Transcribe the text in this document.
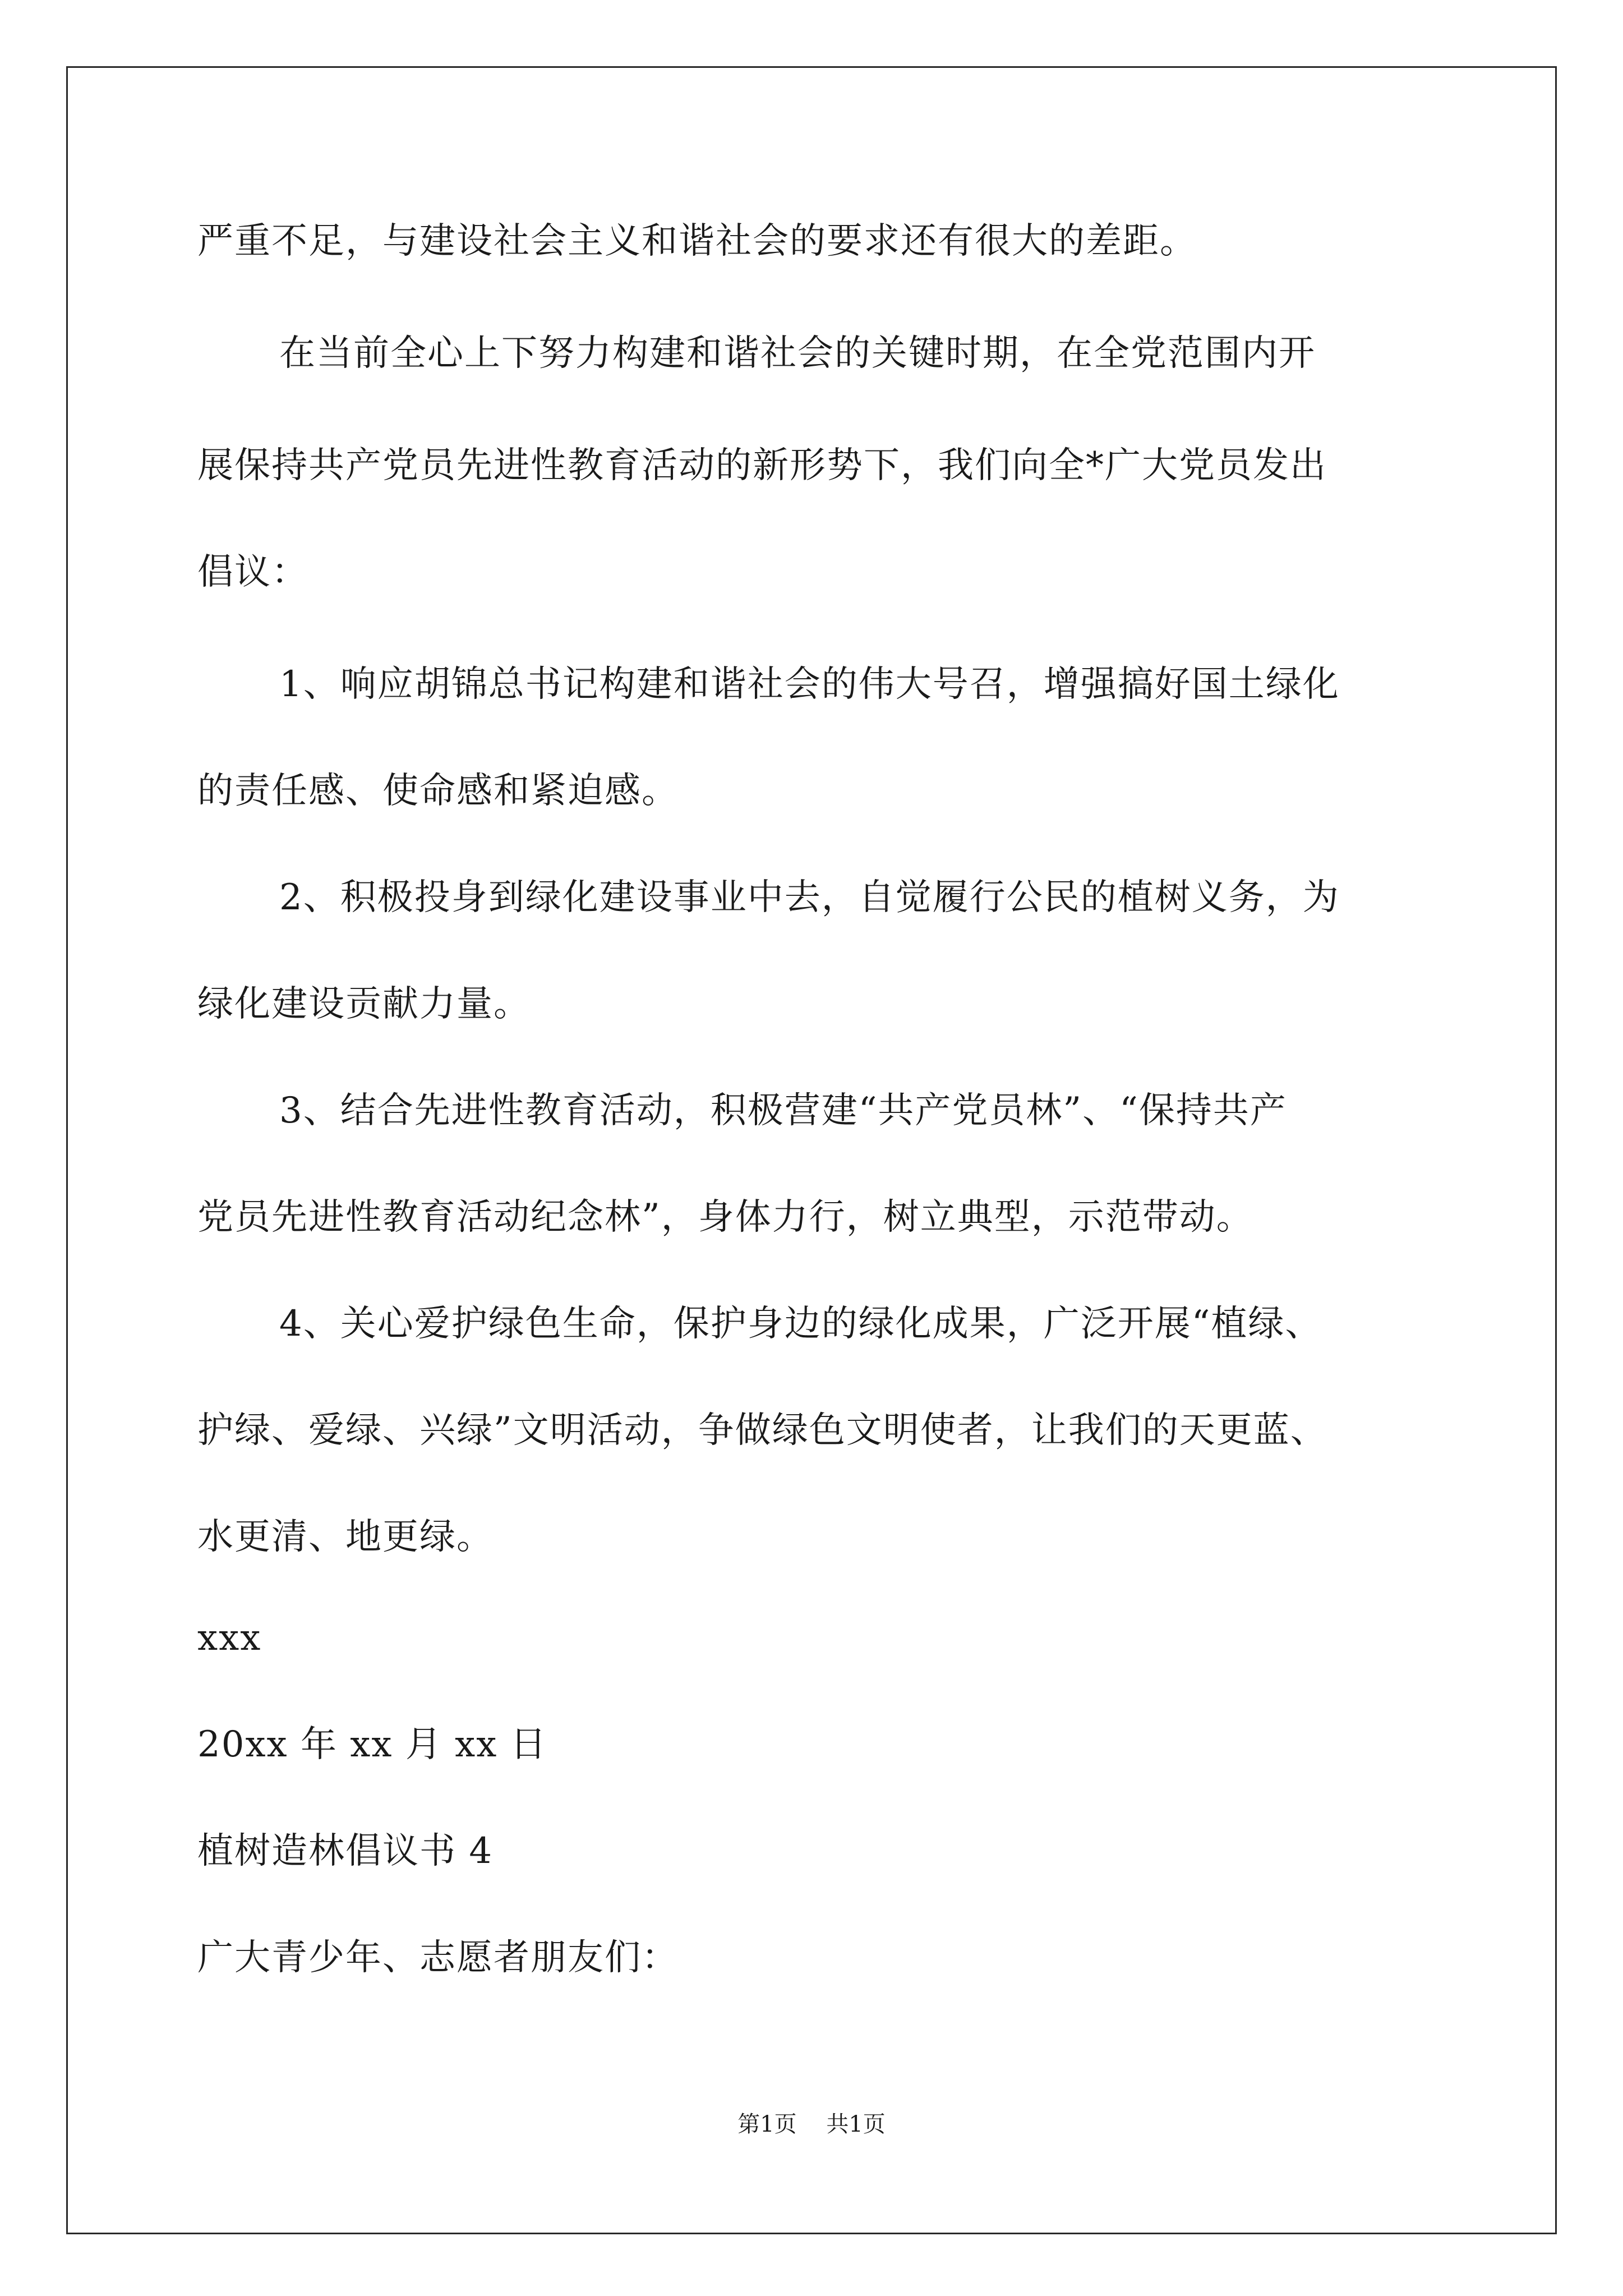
严重不足，与建设社会主义和谐社会的要求还有很大的差距。
在当前全心上下努力构建和谐社会的关键时期，在全党范围内开
展保持共产党员先进性教育活动的新形势下，我们向全*广大党员发出
倡议：
1、响应胡锦总书记构建和谐社会的伟大号召，增强搞好国土绿化
的责任感、使命感和紧迫感。
2、积极投身到绿化建设事业中去，自觉履行公民的植树义务，为
绿化建设贡献力量。
3、结合先进性教育活动，积极营建“共产党员林”、“保持共产
党员先进性教育活动纪念林”，身体力行，树立典型，示范带动。
4、关心爱护绿色生命，保护身边的绿化成果，广泛开展“植绿、
护绿、爱绿、兴绿”文明活动，争做绿色文明使者，让我们的天更蓝、
水更清、地更绿。
xxx
20xx 年 xx 月 xx 日
植树造林倡议书 4
广大青少年、志愿者朋友们：
第1页 共1页
